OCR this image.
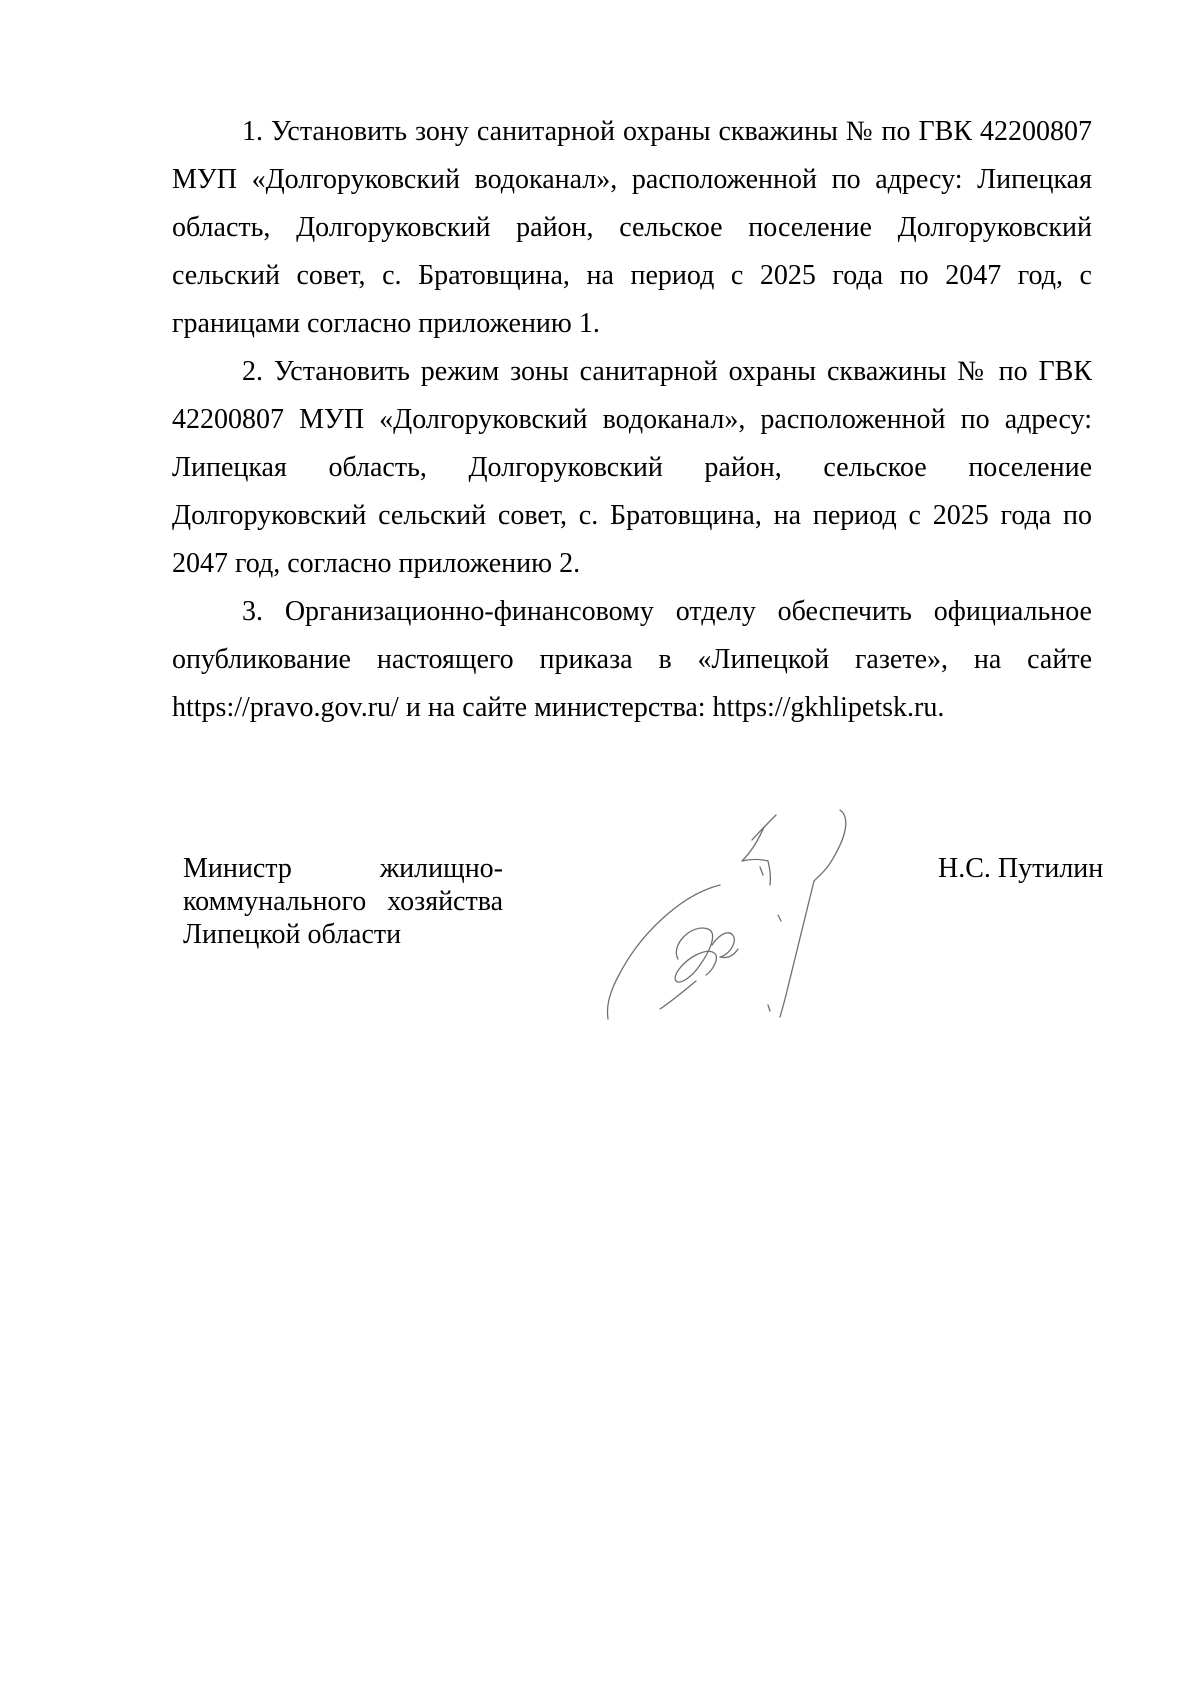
1. Установить зону санитарной охраны скважины № по ГВК 42200807 МУП «Долгоруковский водоканал», расположенной по адресу: Липецкая область, Долгоруковский район, сельское поселение Долгоруковский сельский совет, с. Братовщина, на период с 2025 года по 2047 год, с границами согласно приложению 1.

2. Установить режим зоны санитарной охраны скважины № по ГВК 42200807 МУП «Долгоруковский водоканал», расположенной по адресу: Липецкая область, Долгоруковский район, сельское поселение Долгоруковский сельский совет, с. Братовщина, на период с 2025 года по 2047 год, согласно приложению 2.

3. Организационно-финансовому отделу обеспечить официальное опубликование настоящего приказа в «Липецкой газете», на сайте https://pravo.gov.ru/ и на сайте министерства: https://gkhlipetsk.ru.

Министр жилищно-коммунального хозяйства Липецкой области
Н.С. Путилин
